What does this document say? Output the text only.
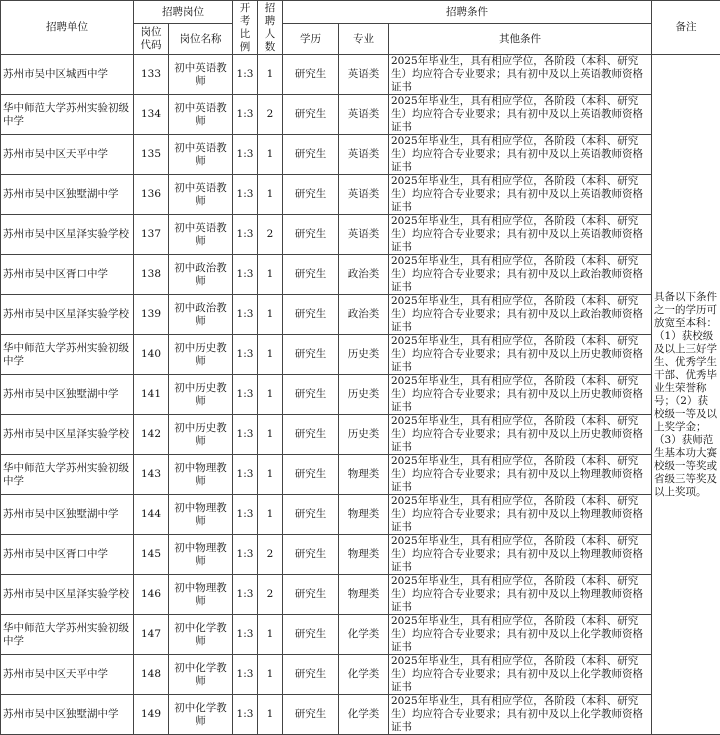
招聘单位	招聘岗位		开考比例	招聘人数	招聘条件			备注
	岗位代码	岗位名称			学历	专业	其他条件	
苏州市吴中区城西中学	133	初中英语教师	1:3	1	研究生	英语类	2025年毕业生，具有相应学位，各阶段（本科、研究生）均应符合专业要求；具有初中及以上英语教师资格证书	具备以下条件之一的学历可放宽至本科：（1）获校级及以上三好学生、优秀学生干部、优秀毕业生荣誉称号；（2）获校级一等及以上奖学金；（3）获师范生基本功大赛校级一等奖或省级三等奖及以上奖项。
华中师范大学苏州实验初级中学	134	初中英语教师	1:3	2	研究生	英语类	2025年毕业生，具有相应学位，各阶段（本科、研究生）均应符合专业要求；具有初中及以上英语教师资格证书	
苏州市吴中区天平中学	135	初中英语教师	1:3	1	研究生	英语类	2025年毕业生，具有相应学位，各阶段（本科、研究生）均应符合专业要求；具有初中及以上英语教师资格证书	
苏州市吴中区独墅湖中学	136	初中英语教师	1:3	1	研究生	英语类	2025年毕业生，具有相应学位，各阶段（本科、研究生）均应符合专业要求；具有初中及以上英语教师资格证书	
苏州市吴中区星泽实验学校	137	初中英语教师	1:3	2	研究生	英语类	2025年毕业生，具有相应学位，各阶段（本科、研究生）均应符合专业要求；具有初中及以上英语教师资格证书	
苏州市吴中区胥口中学	138	初中政治教师	1:3	1	研究生	政治类	2025年毕业生，具有相应学位，各阶段（本科、研究生）均应符合专业要求；具有初中及以上政治教师资格证书	
苏州市吴中区星泽实验学校	139	初中政治教师	1:3	1	研究生	政治类	2025年毕业生，具有相应学位，各阶段（本科、研究生）均应符合专业要求；具有初中及以上政治教师资格证书	
华中师范大学苏州实验初级中学	140	初中历史教师	1:3	1	研究生	历史类	2025年毕业生，具有相应学位，各阶段（本科、研究生）均应符合专业要求；具有初中及以上历史教师资格证书	
苏州市吴中区独墅湖中学	141	初中历史教师	1:3	1	研究生	历史类	2025年毕业生，具有相应学位，各阶段（本科、研究生）均应符合专业要求；具有初中及以上历史教师资格证书	
苏州市吴中区星泽实验学校	142	初中历史教师	1:3	1	研究生	历史类	2025年毕业生，具有相应学位，各阶段（本科、研究生）均应符合专业要求；具有初中及以上历史教师资格证书	
华中师范大学苏州实验初级中学	143	初中物理教师	1:3	1	研究生	物理类	2025年毕业生，具有相应学位，各阶段（本科、研究生）均应符合专业要求；具有初中及以上物理教师资格证书	
苏州市吴中区独墅湖中学	144	初中物理教师	1:3	1	研究生	物理类	2025年毕业生，具有相应学位，各阶段（本科、研究生）均应符合专业要求；具有初中及以上物理教师资格证书	
苏州市吴中区胥口中学	145	初中物理教师	1:3	2	研究生	物理类	2025年毕业生，具有相应学位，各阶段（本科、研究生）均应符合专业要求；具有初中及以上物理教师资格证书	
苏州市吴中区星泽实验学校	146	初中物理教师	1:3	2	研究生	物理类	2025年毕业生，具有相应学位，各阶段（本科、研究生）均应符合专业要求；具有初中及以上物理教师资格证书	
华中师范大学苏州实验初级中学	147	初中化学教师	1:3	1	研究生	化学类	2025年毕业生，具有相应学位，各阶段（本科、研究生）均应符合专业要求；具有初中及以上化学教师资格证书	
苏州市吴中区天平中学	148	初中化学教师	1:3	1	研究生	化学类	2025年毕业生，具有相应学位，各阶段（本科、研究生）均应符合专业要求；具有初中及以上化学教师资格证书	
苏州市吴中区独墅湖中学	149	初中化学教师	1:3	1	研究生	化学类	2025年毕业生，具有相应学位，各阶段（本科、研究生）均应符合专业要求；具有初中及以上化学教师资格证书	
